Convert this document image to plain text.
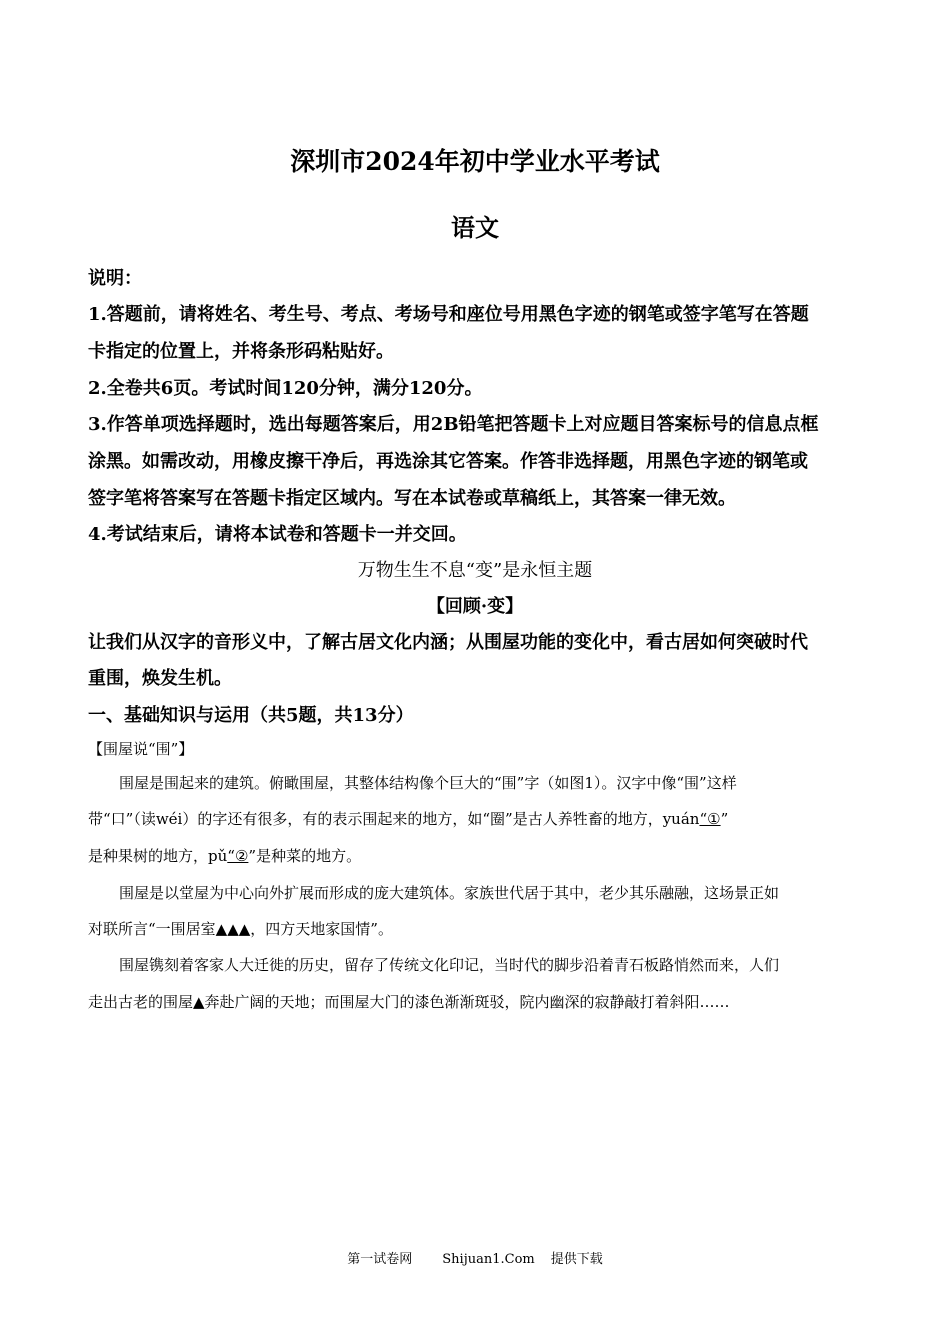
深圳市2024年初中学业水平考试
语文

说明：

1.答题前，请将姓名、考生号、考点、考场号和座位号用黑色字迹的钢笔或签字笔写在答题

卡指定的位置上，并将条形码粘贴好。

2.全卷共6页。考试时间120分钟，满分120分。

3.作答单项选择题时，选出每题答案后，用2B铅笔把答题卡上对应题目答案标号的信息点框

涂黑。如需改动，用橡皮擦干净后，再选涂其它答案。作答非选择题，用黑色字迹的钢笔或

签字笔将答案写在答题卡指定区域内。写在本试卷或草稿纸上，其答案一律无效。

4.考试结束后，请将本试卷和答题卡一并交回。

万物生生不息“变”是永恒主题

【回顾·变】

让我们从汉字的音形义中，了解古居文化内涵；从围屋功能的变化中，看古居如何突破时代

重围，焕发生机。

一、基础知识与运用（共5题，共13分）

【围屋说“围”】

围屋是围起来的建筑。俯瞰围屋，其整体结构像个巨大的“围”字（如图1）。汉字中像“围”这样

带“口”（读wéi）的字还有很多，有的表示围起来的地方，如“圈”是古人养牲畜的地方，yuán“①”

是种果树的地方，pǔ“②”是种菜的地方。

围屋是以堂屋为中心向外扩展而形成的庞大建筑体。家族世代居于其中，老少其乐融融，这场景正如

对联所言“一围居室▲▲▲，四方天地家国情”。

围屋镌刻着客家人大迁徙的历史，留存了传统文化印记，当时代的脚步沿着青石板路悄然而来，人们

走出古老的围屋▲奔赴广阔的天地；而围屋大门的漆色渐渐斑驳，院内幽深的寂静敲打着斜阳……

第一试卷网 Shijuan1.Com 提供下载
